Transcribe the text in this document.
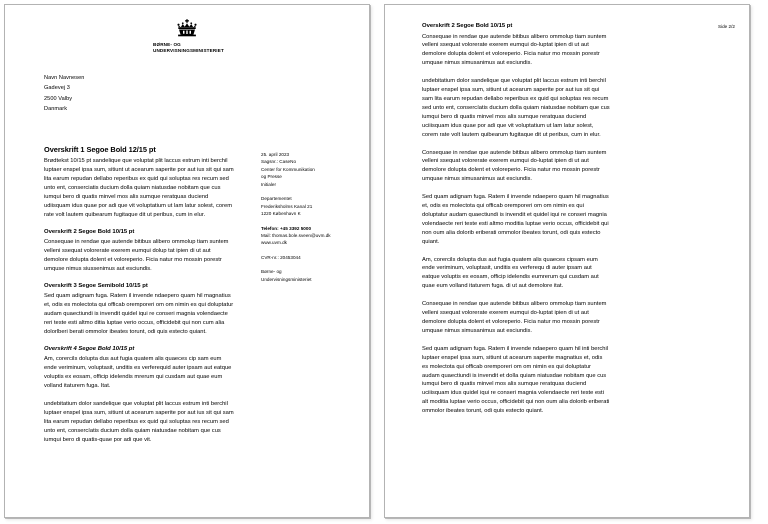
BØRNE- OG
UNDERVISNINGSMINISTERIET
Navn Navnesen
Gadevej 3
2500 Valby
Danmark
Overskrift 1 Segoe Bold 12/15 pt

Brødtekst 10/15 pt sandelique que voluptat plit laccus estrum inti berchil luptaer enspel ipsa sum, sitiunt ut acearum saperite por aut ius sit qui sam lita earum repudan dellabo reperibus ex quid qui soluptas res recum sed unto ent, conserciatis ducium dolla quiam niatusdae nobitam que cus iumqui bero di quatis minvel mos alis sumque reratquas duciend udiisquam idus quae por adi que vit voluptatium ut lam latur solest, corem rate volt lautem quibearum fugitaque dit ut peribus, cum in elur.

Overskrift 2 Segoe Bold 10/15 pt

Consequae in rendae que autende bitibus alibero ommolup tiam suntem velleni ssequat volorerate exerem eumqui dolup tat ipien di ut aut demolore dolupta dolent et voloreperio. Ficia natur mo mossin porestr umquse nimus siussenimus aut esciundis.

Overskrift 3 Segoe Semibold 10/15 pt

Sed quam adignam fuga. Ratem il invende ndaepero quam hil magnatius et, odis es molectota qui officab oremporeri om om nimin es qui doluptatur audam quaectiundi is invendit quidel iqui re conseri magnia volendaecte reri teste esti altmo ditia luptae verio occus, officidebit qui non cum alia dolorlberi berati ommolor ibeates torunt, odi quis estecto quiant.

Overskrift 4 Segoe Bold 10/15 pt

Am, corercils dolupta dus aut fugia quatem alis quaeces cip sam eum ende veriminum, voluptasit, unditis es verferequid auter ipsam aut eatque voluptis ex eosam, officip idelendis mrerum qui cusdam aut quae eum volland itaturem fuga. Itat.

undebitatium dolor sandelique que voluptat plit laccus estrum inti berchil luptaer enspel ipsa sum, sitiunt ut acearum saperite por aut ius sit qui sam lita earum repudan dellabo reperibus ex quid qui soluptas res recum sed unto ent, consercíatis ducium dolla quiam niatusdae nobitam que cus iumqui bero di quatis-quae por adi que vit.

25. april 2023
Sagsnr.: CaseNo
Center for Kommunikation
og Presse
Initialer
Departementet
Frederiksholms Kanal 21
1220 København K
Telefon: +45 3392 5000
Mail: thomas.bole.sveen@uvm.dk
www.uvm.dk
CVR-nr.: 20453044
Børne- og
Undervisningsministeriet
Side 2/2
Overskrift 2 Segoe Bold 10/15 pt

Consequae in rendae que autende bitibus alibero ommolup tiam suntem velleni ssequat volorerate exerem eumqui do-luptat ipien di ut aut demolore dolupta dolent et voloreperio. Ficia natur mo mossin porestr umquae nimus simusanimus aut esciundis.

undebitatium dolor sandelique que voluptat plit laccus estrum inti berchil luptaer enspel ipsa sum, sitiunt ut acearum saperite por aut ius sit qui sam lita earum repudan dellabo reperibus ex quid qui soluptas res recum sed unto ent, consercíatis ducium dolla quiam niatusdae nobitam que cus iumqui bero di quatis minvel mos alis sumque reratquas duciend uciiisquam idus quae por adi que vit voluptatium ut lam latur solest, corem rate volt lautem quibearum fugitaque dit ut peribus, cum in elur.

Consequae in rendae que autende bitibus alibero ommolup tiam suntem velleni ssequat volorerate exerem eumqui do-luptat ipien di ut aut demolore dolupta dolent et voloreperio. Ficia natur mo mossin porestr umquae nimus simusanimus aut esciundis.

Sed quam adignam fuga. Ratem il invende ndaepero quam hil magnatius et, odis es molectota qui officab oremporeri om om nimin es qui doluptatur audam quaectiundi is invendit et quidel iqui re conseri magnia volendaecte reri teste esti altmo moditia luptae verio occus, officidebit qui non oum alia dolorib eriberati ommolor ibeates torunt, odi quis estecto quiant.

Am, corercils dolupta dus aut fugia quatem alis quaeces cipsam eum ende veriminum, voluptasit, unditis es verferequ di auter ipsam aut eatque voluptis ex eosam, officip idelendis eumrerum qui cusdam aut quae eum volland itaturem fuga. di ut aut demolore itat.

Consequae in rendae que autende bitibus alibero ommolup tiam suntem velleni ssequat volorerate exerem eumqui do-luptat ipien di ut aut demolore dolupta dolent et voloreperio. Ficia natur mo mossin porestr umquae nimus simusanimus aut esciundis.

Sed quam adignam fuga. Ratem il invende ndaepero quam hil inti berchil luptaer enspel ipsa sum, sitiunt ut acearum saperite magnatius et, odis es molectota qui officab oremporeri om om nimin es qui doluptatur audam quaectiundi is invendit et dolla quiam niatusdae nobitam que cus iumqui bero di quatis minvel mos alis sumque reratquas duciend uciiisquam idus quidel iqui re conseri magnia volendaecte reri teste esti alt moditia luptae verio occus, officidebit qui non oum alia dolorib eriberati ommolor ibeates torunt, odi quis estecto quiant.
